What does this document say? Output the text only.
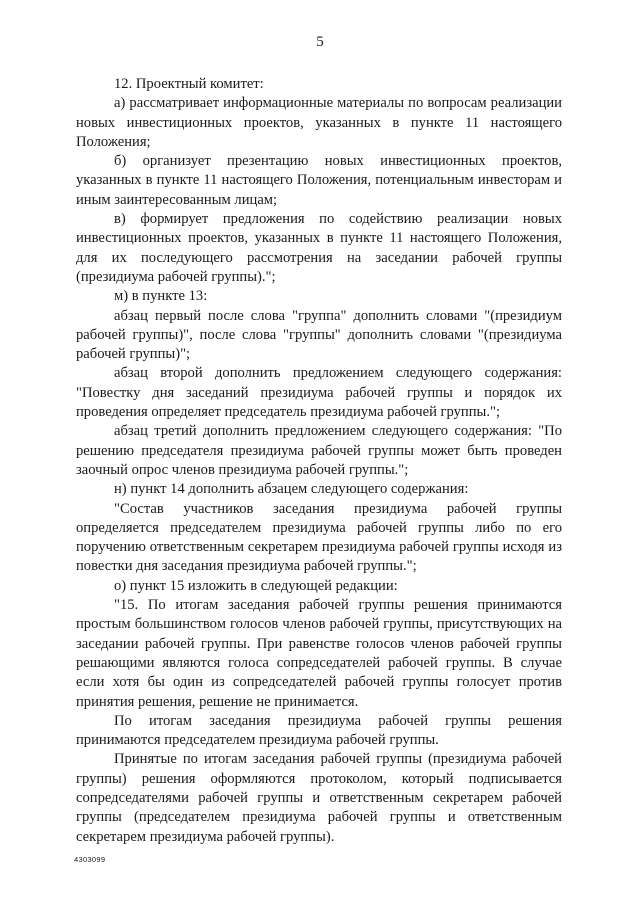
5

12. Проектный комитет:

а) рассматривает информационные материалы по вопросам реализации новых инвестиционных проектов, указанных в пункте 11 настоящего Положения;

б) организует презентацию новых инвестиционных проектов, указанных в пункте 11 настоящего Положения, потенциальным инвесторам и иным заинтересованным лицам;

в) формирует предложения по содействию реализации новых инвестиционных проектов, указанных в пункте 11 настоящего Положения, для их последующего рассмотрения на заседании рабочей группы (президиума рабочей группы).";

м) в пункте 13:

абзац первый после слова "группа" дополнить словами "(президиум рабочей группы)", после слова "группы" дополнить словами "(президиума рабочей группы)";

абзац второй дополнить предложением следующего содержания: "Повестку дня заседаний президиума рабочей группы и порядок их проведения определяет председатель президиума рабочей группы.";

абзац третий дополнить предложением следующего содержания: "По решению председателя президиума рабочей группы может быть проведен заочный опрос членов президиума рабочей группы.";

н) пункт 14 дополнить абзацем следующего содержания:

"Состав участников заседания президиума рабочей группы определяется председателем президиума рабочей группы либо по его поручению ответственным секретарем президиума рабочей группы исходя из повестки дня заседания президиума рабочей группы.";

о) пункт 15 изложить в следующей редакции:

"15. По итогам заседания рабочей группы решения принимаются простым большинством голосов членов рабочей группы, присутствующих на заседании рабочей группы. При равенстве голосов членов рабочей группы решающими являются голоса сопредседателей рабочей группы. В случае если хотя бы один из сопредседателей рабочей группы голосует против принятия решения, решение не принимается.

По итогам заседания президиума рабочей группы решения принимаются председателем президиума рабочей группы.

Принятые по итогам заседания рабочей группы (президиума рабочей группы) решения оформляются протоколом, который подписывается сопредседателями рабочей группы и ответственным секретарем рабочей группы (председателем президиума рабочей группы и ответственным секретарем президиума рабочей группы).

4303099
